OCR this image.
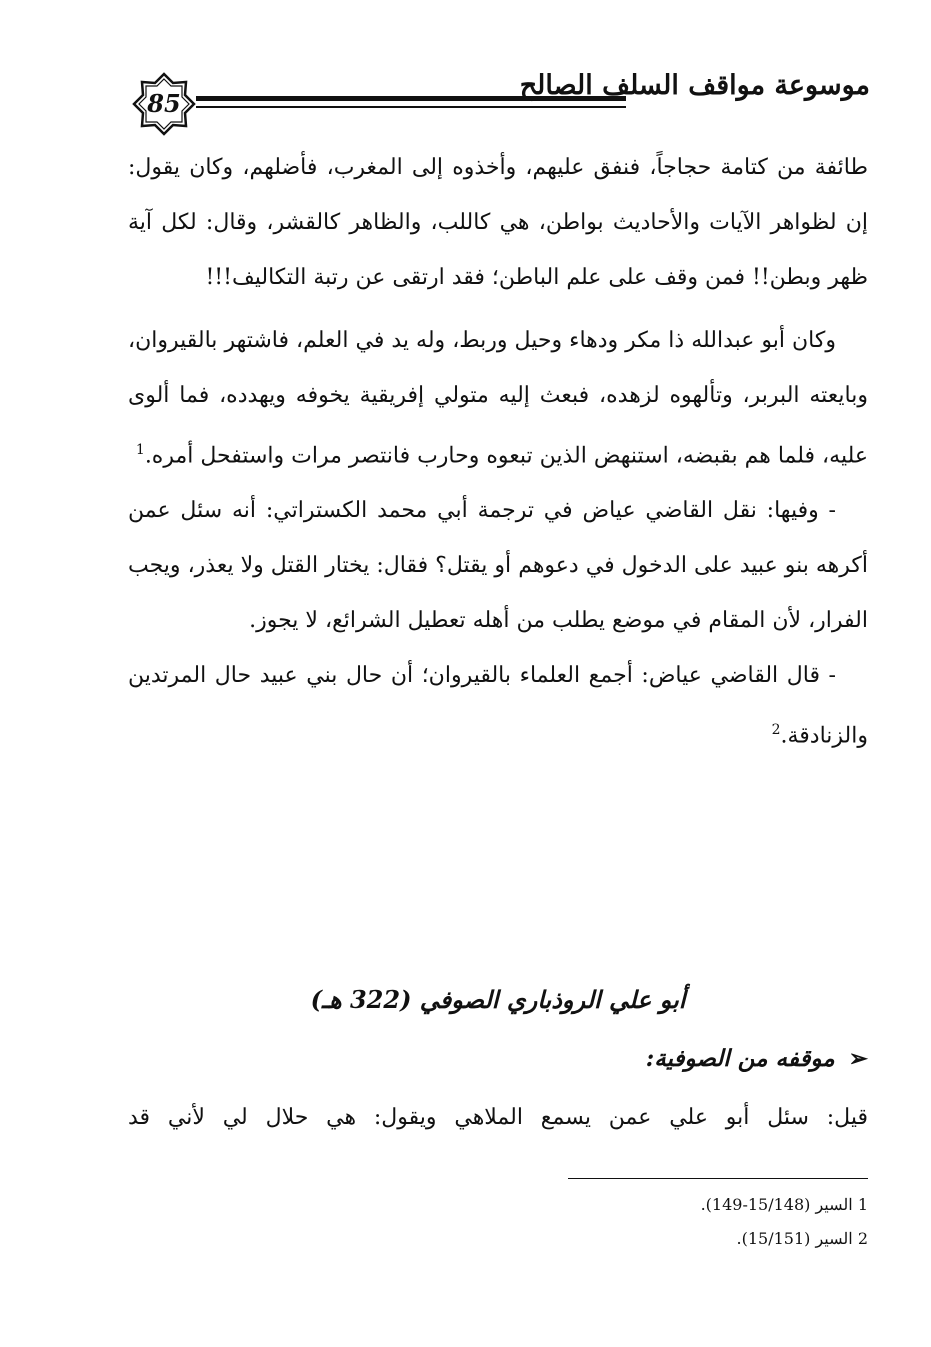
85
موسوعة مواقف السلف الصالح

طائفة من كتامة حجاجاً، فنفق عليهم، وأخذوه إلى المغرب، فأضلهم، وكان يقول: إن لظواهر الآيات والأحاديث بواطن، هي كاللب، والظاهر كالقشر، وقال: لكل آية ظهر وبطن!! فمن وقف على علم الباطن؛ فقد ارتقى عن رتبة التكاليف!!!

وكان أبو عبدالله ذا مكر ودهاء وحيل وربط، وله يد في العلم، فاشتهر بالقيروان، وبايعته البربر، وتألهوه لزهده، فبعث إليه متولي إفريقية يخوفه ويهدده، فما ألوى عليه، فلما هم بقبضه، استنهض الذين تبعوه وحارب فانتصر مرات واستفحل أمره.$^1$

- وفيها: نقل القاضي عياض في ترجمة أبي محمد الكستراتي: أنه سئل عمن أكرهه بنو عبيد على الدخول في دعوهم أو يقتل؟ فقال: يختار القتل ولا يعذر، ويجب الفرار، لأن المقام في موضع يطلب من أهله تعطيل الشرائع، لا يجوز.

- قال القاضي عياض: أجمع العلماء بالقيروان؛ أن حال بني عبيد حال المرتدين والزنادقة.$^2$

أبو علي الروذباري الصوفي (322 هـ)
➢موقفه من الصوفية:
قيل: سئل أبو علي عمن يسمع الملاهي ويقول: هي حلال لي لأني قد
1 السير (15/148-149).
2 السير (15/151).
